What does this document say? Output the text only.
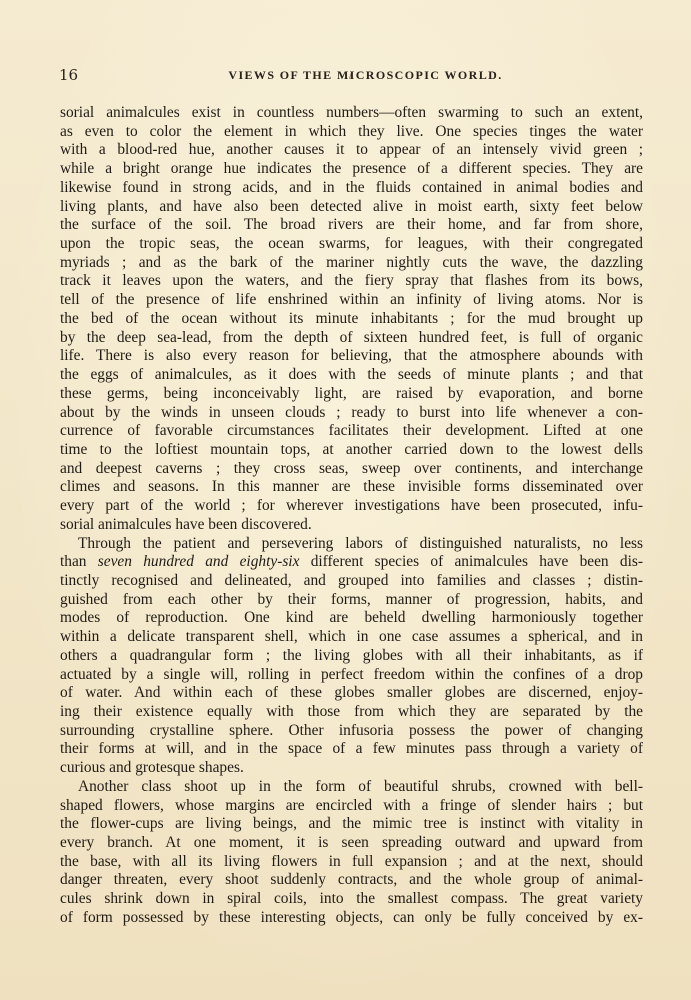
16	VIEWS OF THE MICROSCOPIC WORLD.
sorial animalcules exist in countless numbers—often swarming to such an extent,
as even to color the element in which they live. One species tinges the water
with a blood-red hue, another causes it to appear of an intensely vivid green ;
while a bright orange hue indicates the presence of a different species. They are
likewise found in strong acids, and in the fluids contained in animal bodies and
living plants, and have also been detected alive in moist earth, sixty feet below
the surface of the soil. The broad rivers are their home, and far from shore,
upon the tropic seas, the ocean swarms, for leagues, with their congregated
myriads ; and as the bark of the mariner nightly cuts the wave, the dazzling
track it leaves upon the waters, and the fiery spray that flashes from its bows,
tell of the presence of life enshrined within an infinity of living atoms. Nor is
the bed of the ocean without its minute inhabitants ; for the mud brought up
by the deep sea-lead, from the depth of sixteen hundred feet, is full of organic
life. There is also every reason for believing, that the atmosphere abounds with
the eggs of animalcules, as it does with the seeds of minute plants ; and that
these germs, being inconceivably light, are raised by evaporation, and borne
about by the winds in unseen clouds ; ready to burst into life whenever a con-
currence of favorable circumstances facilitates their development. Lifted at one
time to the loftiest mountain tops, at another carried down to the lowest dells
and deepest caverns ; they cross seas, sweep over continents, and interchange
climes and seasons. In this manner are these invisible forms disseminated over
every part of the world ; for wherever investigations have been prosecuted, infu-
sorial animalcules have been discovered.
Through the patient and persevering labors of distinguished naturalists, no less
than seven hundred and eighty-six different species of animalcules have been dis-
tinctly recognised and delineated, and grouped into families and classes ; distin-
guished from each other by their forms, manner of progression, habits, and
modes of reproduction. One kind are beheld dwelling harmoniously together
within a delicate transparent shell, which in one case assumes a spherical, and in
others a quadrangular form ; the living globes with all their inhabitants, as if
actuated by a single will, rolling in perfect freedom within the confines of a drop
of water. And within each of these globes smaller globes are discerned, enjoy-
ing their existence equally with those from which they are separated by the
surrounding crystalline sphere. Other infusoria possess the power of changing
their forms at will, and in the space of a few minutes pass through a variety of
curious and grotesque shapes.
Another class shoot up in the form of beautiful shrubs, crowned with bell-
shaped flowers, whose margins are encircled with a fringe of slender hairs ; but
the flower-cups are living beings, and the mimic tree is instinct with vitality in
every branch. At one moment, it is seen spreading outward and upward from
the base, with all its living flowers in full expansion ; and at the next, should
danger threaten, every shoot suddenly contracts, and the whole group of animal-
cules shrink down in spiral coils, into the smallest compass. The great variety
of form possessed by these interesting objects, can only be fully conceived by ex-
